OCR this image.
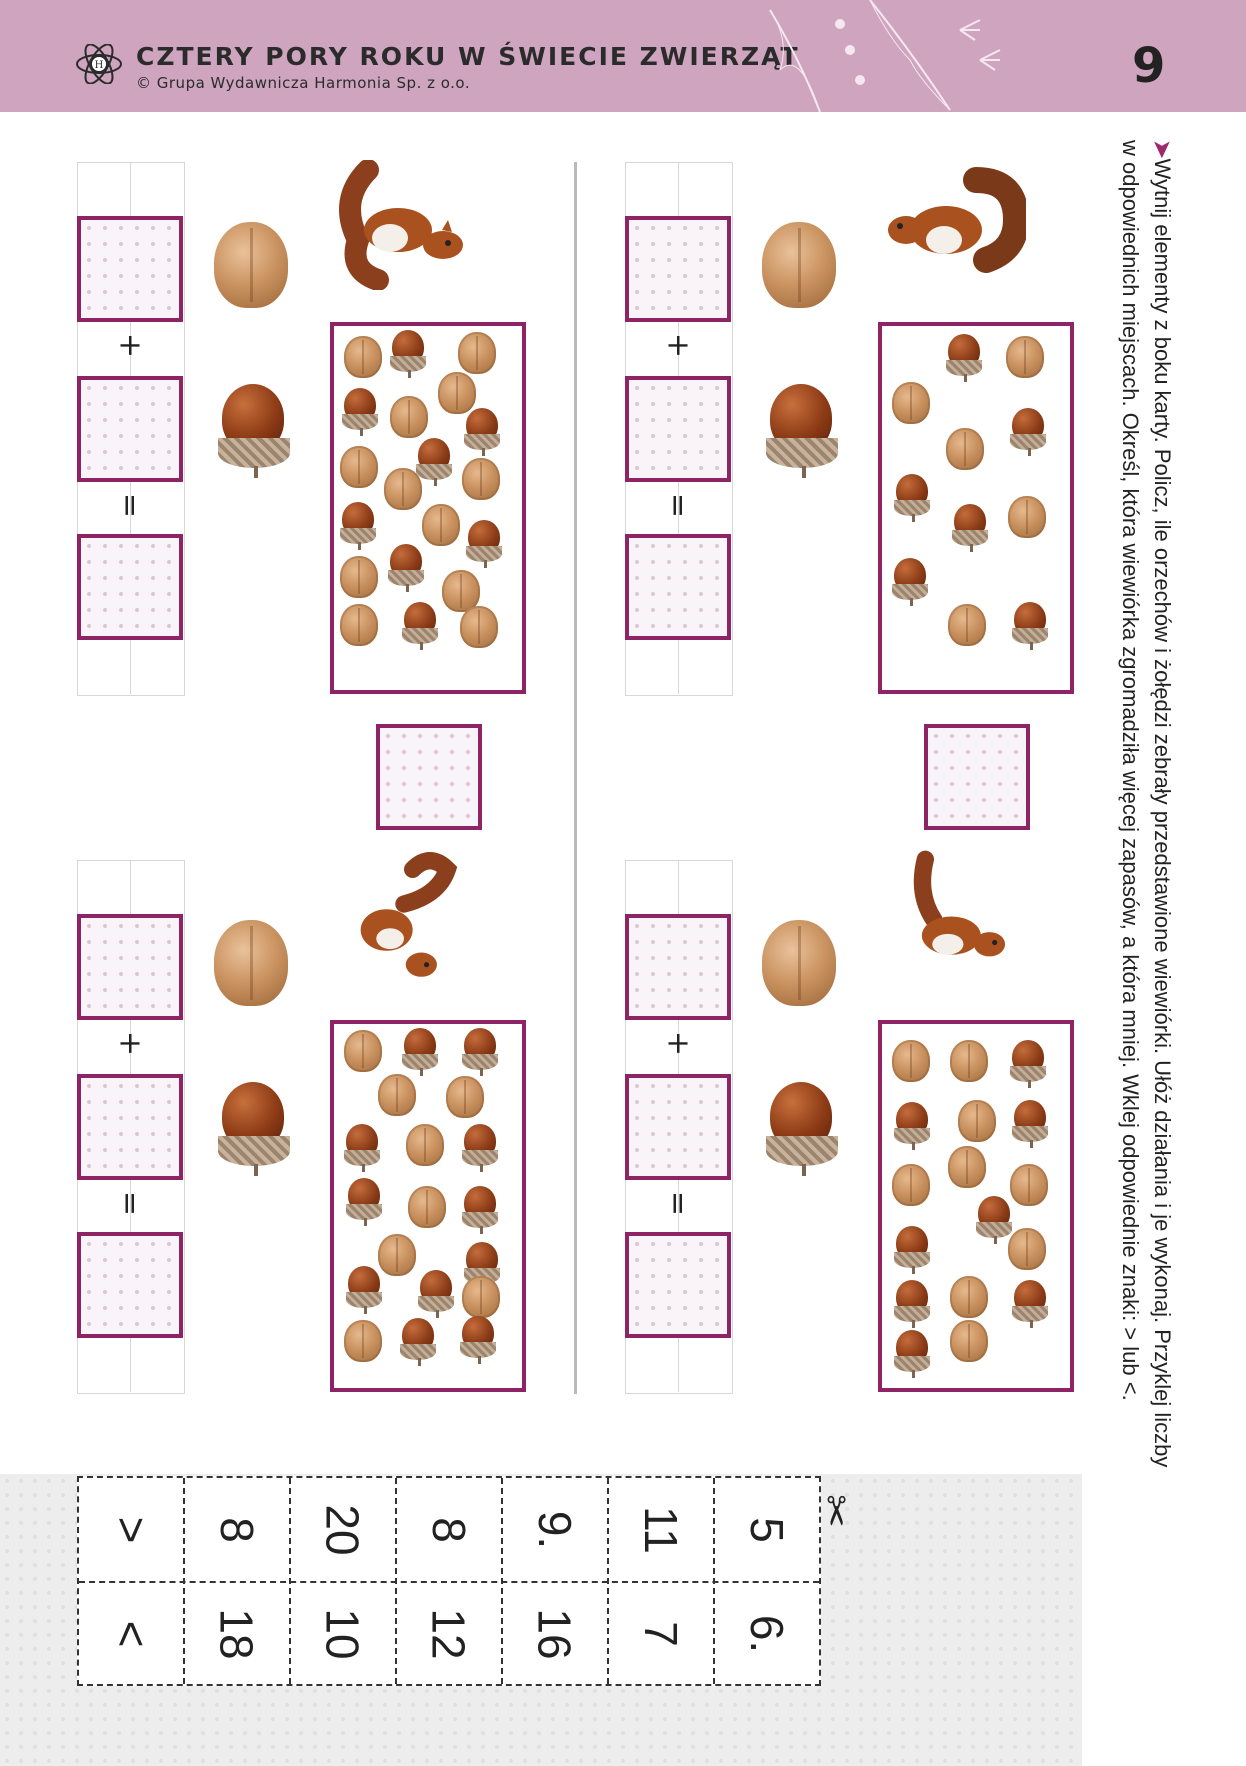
H CZTERY PORY ROKU W ŚWIECIE ZWIERZĄT
© Grupa Wydawnicza Harmonia Sp. z o.o.	9
➤Wytnij elementy z boku karty. Policz, ile orzechów i żołędzi zebrały przedstawione wiewiórki. Ułóż działania i je wykonaj. Przyklej liczby
w odpowiednich miejscach. Określ, która wiewiórka zgromadziła więcej zapasów, a która mniej. Wklej odpowiednie znaki: > lub <.
+
=
+
=
+
=
+
=
> 8 20 8 9. 11 5
< 18 10 12 16 7 6.
✂
